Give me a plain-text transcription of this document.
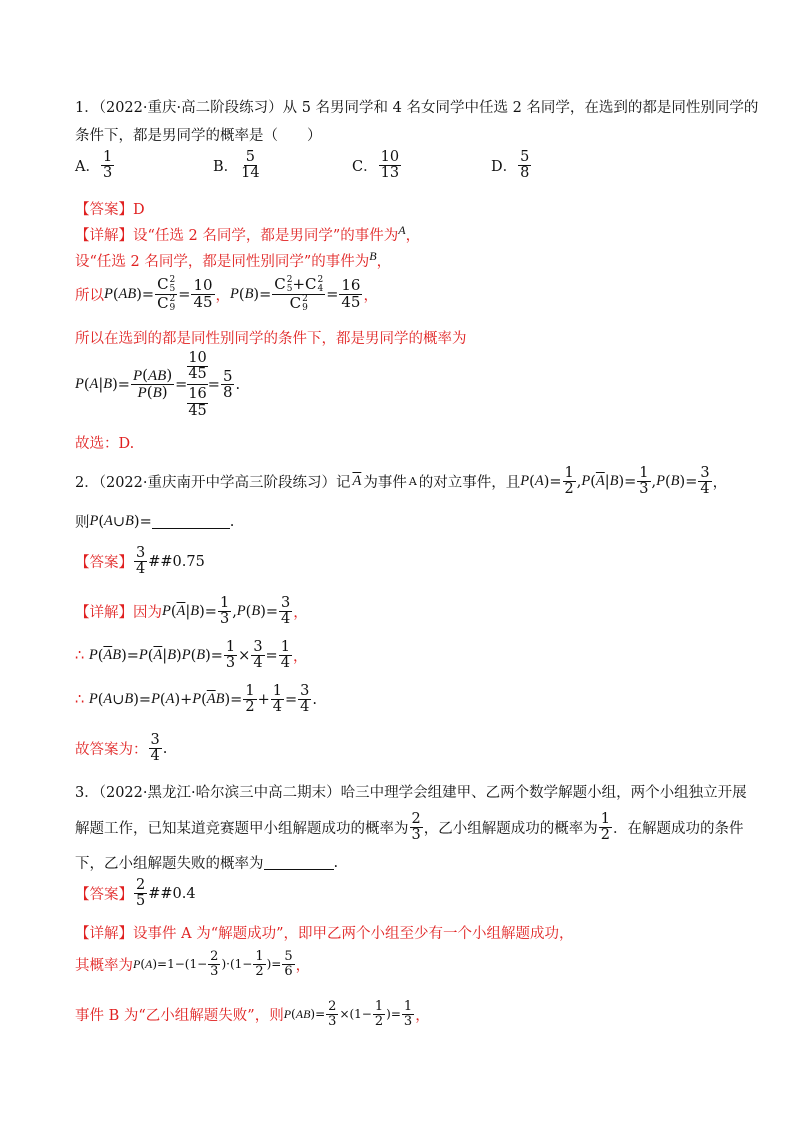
1．（2022·重庆·高二阶段练习）从 5 名男同学和 4 名女同学中任选 2 名同学，在选到的都是同性别同学的
条件下，都是男同学的概率是（　　）
A． $\frac{1}{3}$	B． $\frac{5}{14}$	C． $\frac{10}{13}$	D． $\frac{5}{8}$
【答案】D
【详解】设“任选 2 名同学，都是男同学”的事件为$^A$，
设“任选 2 名同学，都是同性别同学”的事件为$^B$，
所以 P ( AB )= C 2
5
C 2
$9 = \frac{10}{45}$ ， P ( B )= C 2
5 +C 2
4
C 2
$9 = \frac{16}{45}$ ，
所以在选到的都是同性别同学的条件下，都是男同学的概率为
P ( A | B )= $\frac{P(AB)}{P(B)}$ =
10
45
16
45
= $\frac{5}{8}$ .
故选：D.
2．（2022·重庆南开中学高三阶段练习）记 $\overline{A}$ 为事件 A 的对立事件，且 P ( A )= $\frac{1}{2}$ , P ( $\overline{A}$ | B )= $\frac{1}{3}$ , P ( B )= $\frac{3}{4}$ ，
则 P ( A ∪ B )=	.
【答案】 $\frac{3}{4}$ ##0.75
【详解】 因为 P ( $\overline{A}$ | B )= $\frac{1}{3}$ , P ( B )= $\frac{3}{4}$ ，
∴
P ( $\overline{A}$ B )= P ( $\overline{A}$ | B ) P ( B )= $\frac{1}{3} \times \frac{3}{4} = \frac{1}{4}$ ，
∴
P ( A ∪ B )= P ( A )+ P ( $\overline{A}$ B )= $\frac{1}{2} + \frac{1}{4} = \frac{3}{4}$ .
故答案为： $\frac{3}{4}$ .
3．（2022·黑龙江·哈尔滨三中高二期末）哈三中理学会组建甲、乙两个数学解题小组，两个小组独立开展
解题工作，已知某道竞赛题甲小组解题成功的概率为 $\frac{2}{3}$ ，乙小组解题成功的概率为 $\frac{1}{2}$ ．在解题成功的条件
下，乙小组解题失败的概率为	.
【答案】 $\frac{2}{5}$ ##0.4
【详解】设事件 A 为“解题成功”，即甲乙两个小组至少有一个小组解题成功，
其概率为 P ( A )$=1-(1- \frac{2}{3} )\cdot(1- \frac{1}{2}$ )= $\frac{5}{6}$ ，
事件 B 为“乙小组解题失败”，则 P ( AB )= $\frac{2}{3} \times(1- \frac{1}{2}$ )= $\frac{1}{3}$ ，
